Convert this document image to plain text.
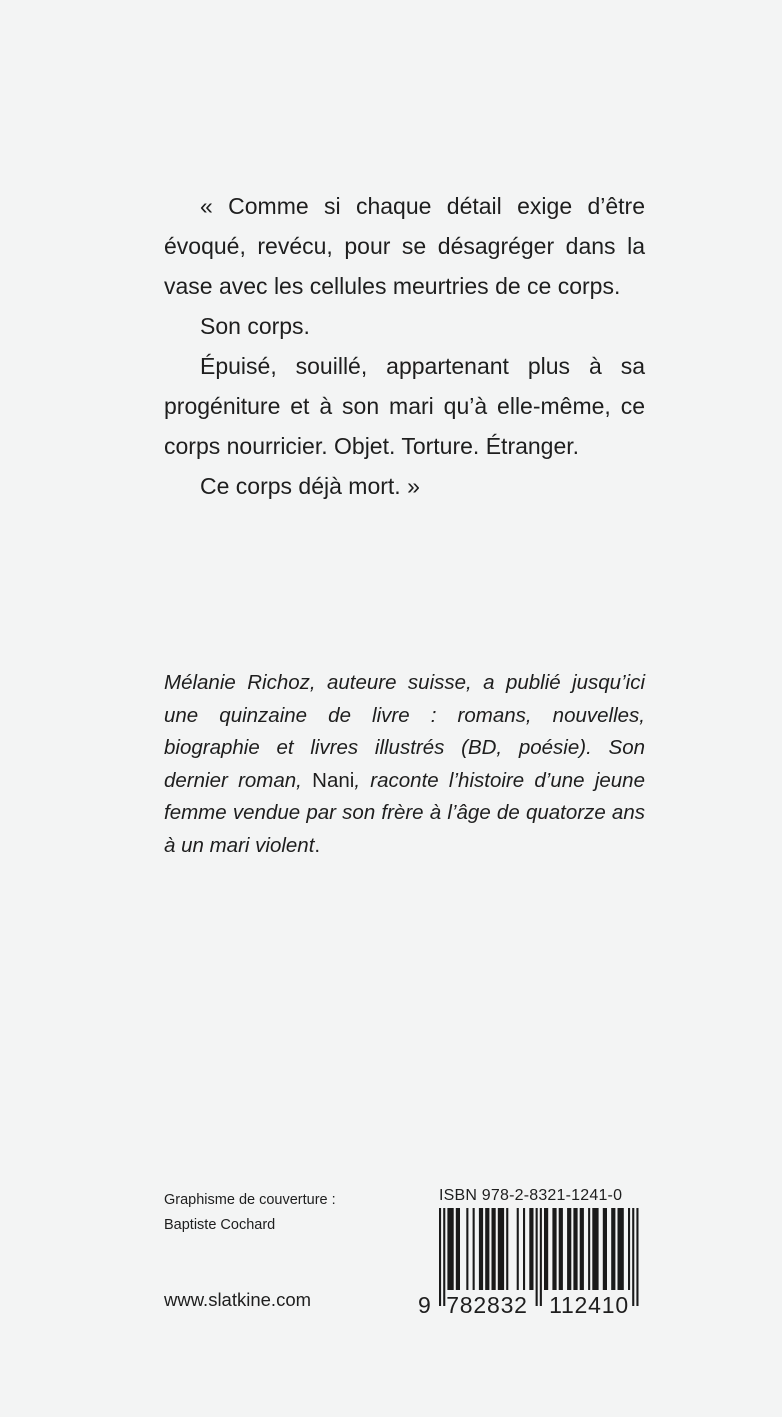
« Comme si chaque détail exige d’être évoqué, revécu, pour se désagréger dans la vase avec les cellules meurtries de ce corps.

Son corps.

Épuisé, souillé, appartenant plus à sa progéniture et à son mari qu’à elle-même, ce corps nourricier. Objet. Torture. Étranger.

Ce corps déjà mort. »

Mélanie Richoz, auteure suisse, a publié jusqu’ici une quinzaine de livre : romans, nouvelles, biographie et livres illustrés (BD, poésie). Son dernier roman, Nani, raconte l’histoire d’une jeune femme vendue par son frère à l’âge de quatorze ans à un mari violent.

Graphisme de couverture :
Baptiste Cochard
www.slatkine.com
ISBN 978-2-8321-1241-0
9 782832 112410
